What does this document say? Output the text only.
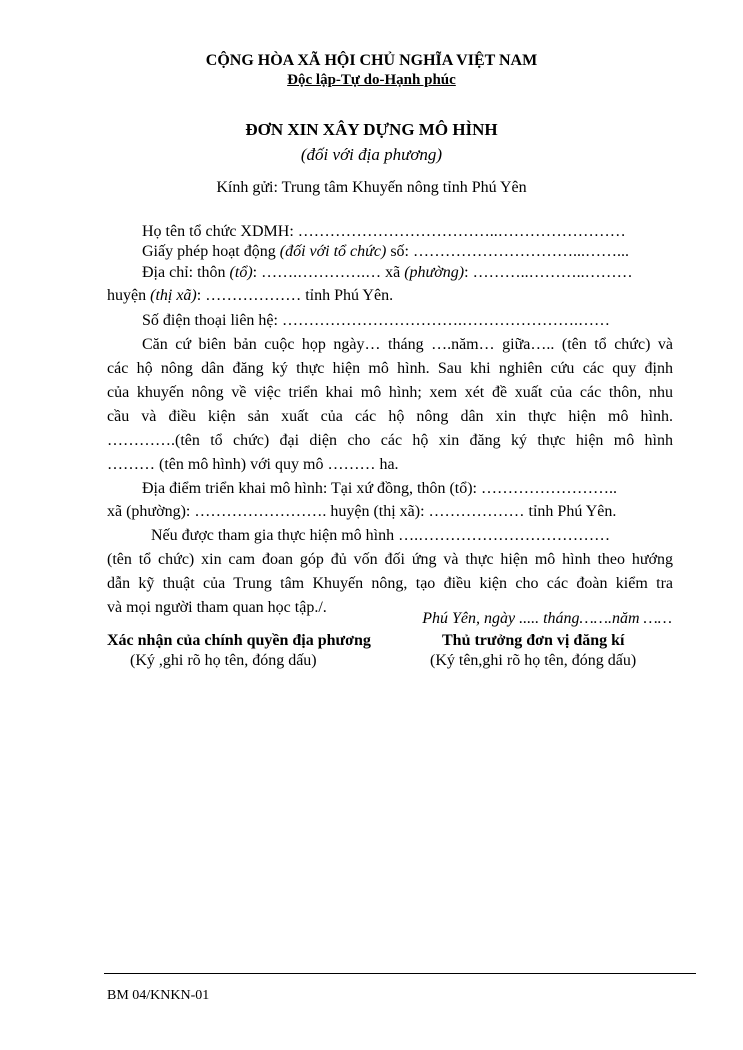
CỘNG HÒA XÃ HỘI CHỦ NGHĨA VIỆT NAM
Độc lập-Tự do-Hạnh phúc
ĐƠN XIN XÂY DỰNG MÔ HÌNH
(đối với địa phương)
Kính gửi: Trung tâm Khuyến nông tỉnh Phú Yên
Họ tên tổ chức XDMH: ………………………………..……………………
Giấy phép hoạt động (đối với tổ chức) số: …………………………...……...
Địa chỉ: thôn (tổ): …….………….… xã (phường): ………..………..………
huyện (thị xã): ……………… tỉnh Phú Yên.
Số điện thoại liên hệ: …………………………….………………….……
Căn cứ biên bản cuộc họp ngày… tháng ….năm… giữa….. (tên tổ chức) và
các hộ nông dân đăng ký thực hiện mô hình. Sau khi nghiên cứu các quy định
của khuyến nông về việc triển khai mô hình; xem xét đề xuất của các thôn, nhu
cầu và điều kiện sản xuất của các hộ nông dân xin thực hiện mô hình.
………….(tên tổ chức) đại diện cho các hộ xin đăng ký thực hiện mô hình
……… (tên mô hình) với quy mô ……… ha.
Địa điểm triển khai mô hình: Tại xứ đồng, thôn (tổ): ……………………..
xã (phường): ……………………. huyện (thị xã): ……………… tỉnh Phú Yên.
Nếu được tham gia thực hiện mô hình ….………………………………
(tên tổ chức) xin cam đoan góp đủ vốn đối ứng và thực hiện mô hình theo hướng
dẫn kỹ thuật của Trung tâm Khuyến nông, tạo điều kiện cho các đoàn kiểm tra
và mọi người tham quan học tập./.
Phú Yên, ngày ..... tháng…….năm ……
Xác nhận của chính quyền địa phương
(Ký ,ghi rõ họ tên, đóng dấu)
Thủ trưởng đơn vị đăng kí
(Ký tên,ghi rõ họ tên, đóng dấu)
BM 04/KNKN-01
